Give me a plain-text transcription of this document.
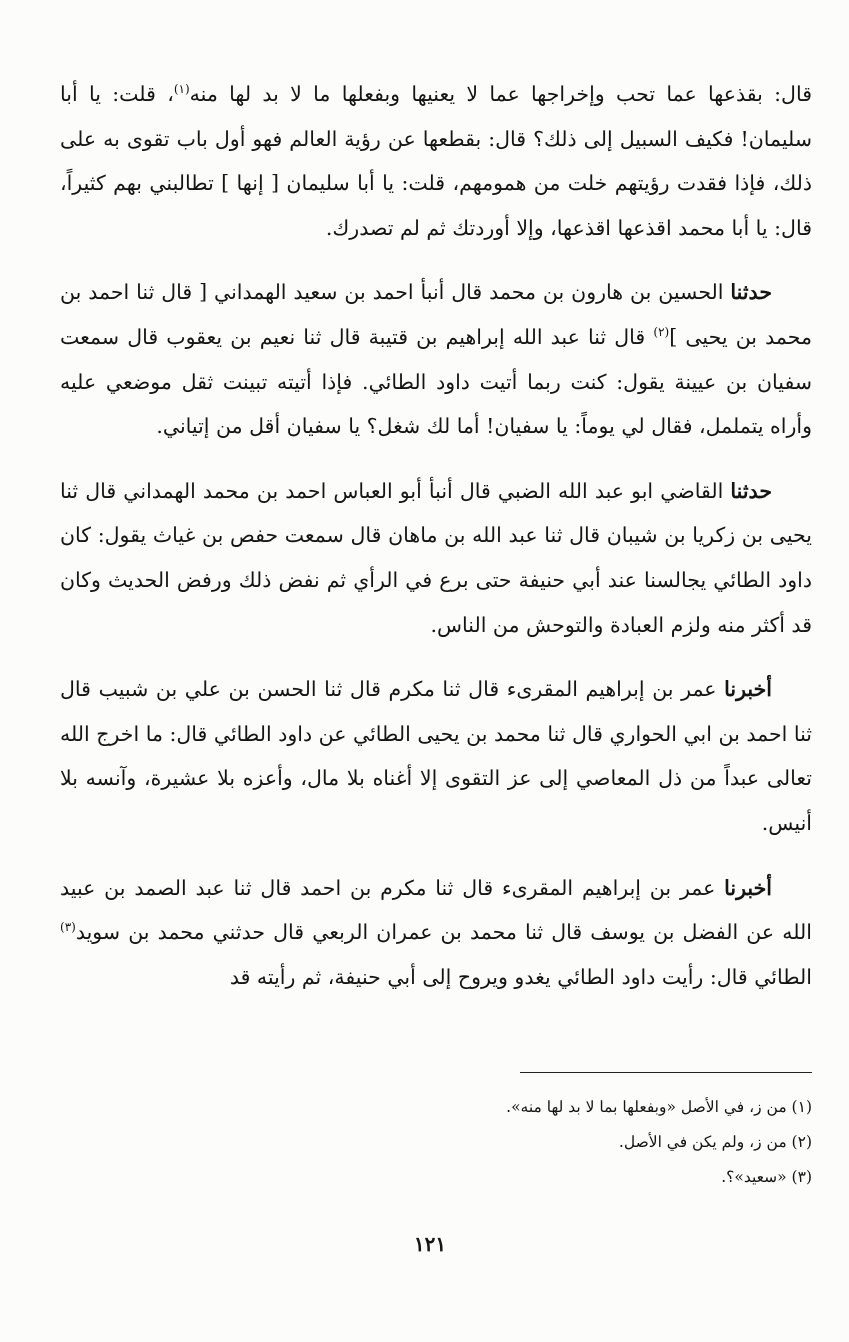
قال: بقذعها عما تحب وإخراجها عما لا يعنيها وبفعلها ما لا بد لها منه$^{(١)}$، قلت: يا أبا سليمان! فكيف السبيل إلى ذلك؟ قال: بقطعها عن رؤية العالم فهو أول باب تقوى به على ذلك، فإذا فقدت رؤيتهم خلت من همومهم، قلت: يا أبا سليمان [ إنها ] تطالبني بهم كثيراً، قال: يا أبا محمد اقذعها اقذعها، وإلا أوردتك ثم لم تصدرك.

حدثنا الحسين بن هارون بن محمد قال أنبأ احمد بن سعيد الهمداني [ قال ثنا احمد بن محمد بن يحيى ]$^{(٢)}$ قال ثنا عبد الله إبراهيم بن قتيبة قال ثنا نعيم بن يعقوب قال سمعت سفيان بن عيينة يقول: كنت ربما أتيت داود الطائي. فإذا أتيته تبينت ثقل موضعي عليه وأراه يتململ، فقال لي يوماً: يا سفيان! أما لك شغل؟ يا سفيان أقل من إتياني.

حدثنا القاضي ابو عبد الله الضبي قال أنبأ أبو العباس احمد بن محمد الهمداني قال ثنا يحيى بن زكريا بن شيبان قال ثنا عبد الله بن ماهان قال سمعت حفص بن غياث يقول: كان داود الطائي يجالسنا عند أبي حنيفة حتى برع في الرأي ثم نفض ذلك ورفض الحديث وكان قد أكثر منه ولزم العبادة والتوحش من الناس.

أخبرنا عمر بن إبراهيم المقرىء قال ثنا مكرم قال ثنا الحسن بن علي بن شبيب قال ثنا احمد بن ابي الحواري قال ثنا محمد بن يحيى الطائي عن داود الطائي قال: ما اخرج الله تعالى عبداً من ذل المعاصي إلى عز التقوى إلا أغناه بلا مال، وأعزه بلا عشيرة، وآنسه بلا أنيس.

أخبرنا عمر بن إبراهيم المقرىء قال ثنا مكرم بن احمد قال ثنا عبد الصمد بن عبيد الله عن الفضل بن يوسف قال ثنا محمد بن عمران الربعي قال حدثني محمد بن سويد$^{(٣)}$ الطائي قال: رأيت داود الطائي يغدو ويروح إلى أبي حنيفة، ثم رأيته قد

(١) من ز، في الأصل «وبفعلها بما لا بد لها منه».
(٢) من ز، ولم يكن في الأصل.
(٣) «سعيد»؟.
١٢١
